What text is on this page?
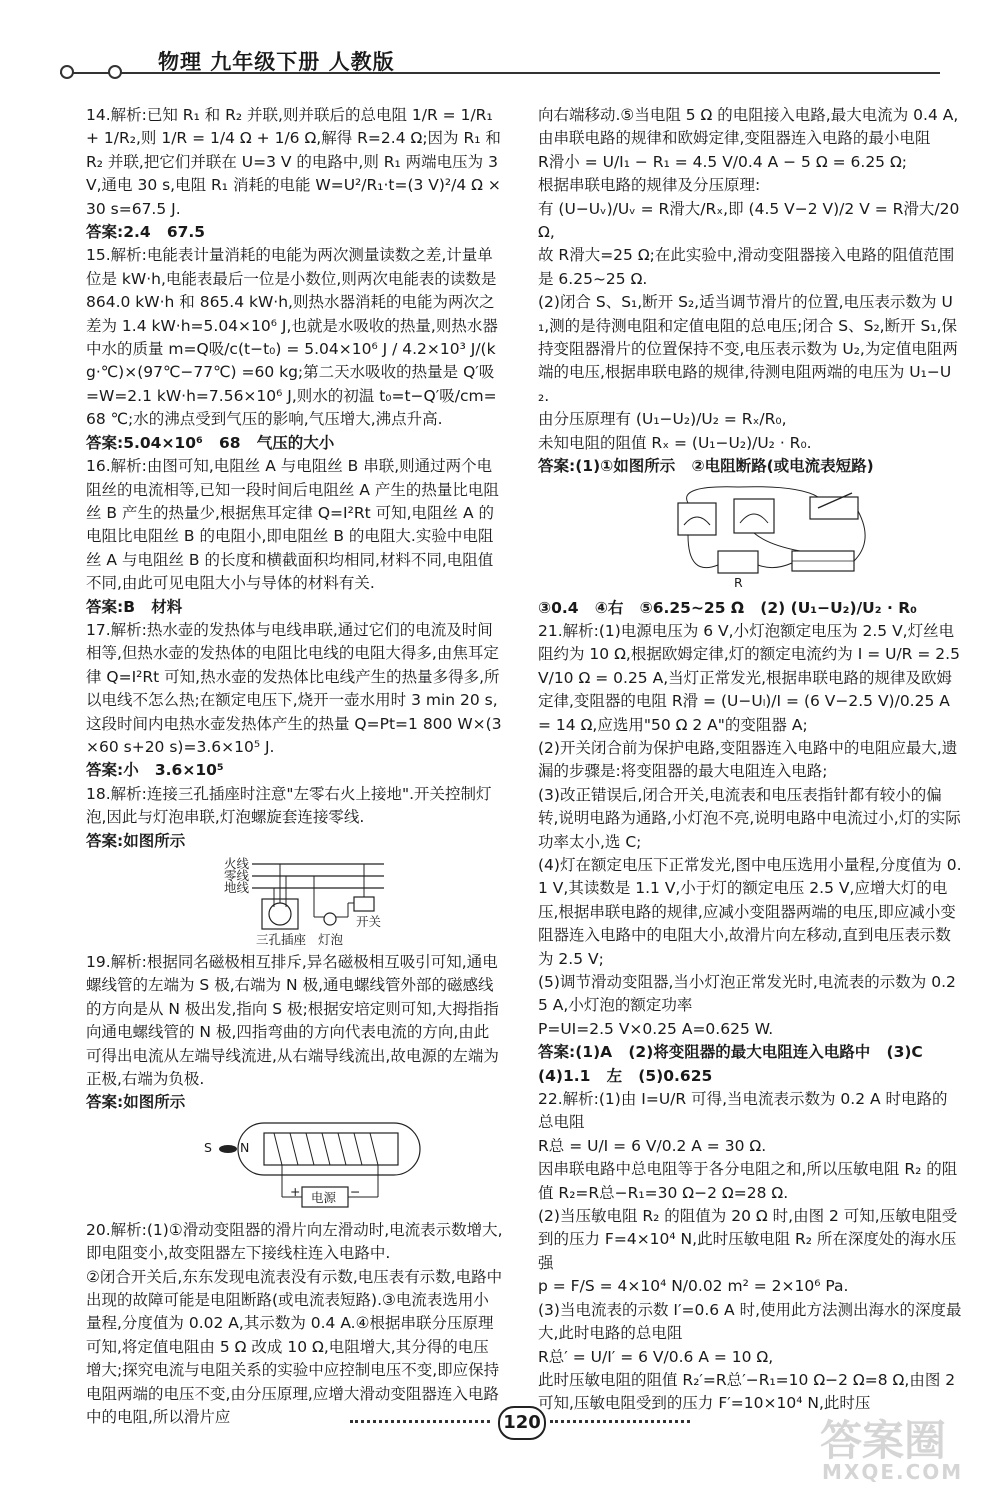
物理 九年级下册 人教版

14.解析:已知 R₁ 和 R₂ 并联,则并联后的总电阻 1/R = 1/R₁ + 1/R₂,则 1/R = 1/4 Ω + 1/6 Ω,解得 R=2.4 Ω;因为 R₁ 和 R₂ 并联,把它们并联在 U=3 V 的电路中,则 R₁ 两端电压为 3 V,通电 30 s,电阻 R₁ 消耗的电能 W=U²/R₁·t=(3 V)²/4 Ω × 30 s=67.5 J.

答案:2.4   67.5

15.解析:电能表计量消耗的电能为两次测量读数之差,计量单位是 kW·h,电能表最后一位是小数位,则两次电能表的读数是 864.0 kW·h 和 865.4 kW·h,则热水器消耗的电能为两次之差为 1.4 kW·h=5.04×10⁶ J,也就是水吸收的热量,则热水器中水的质量 m=Q吸/c(t−t₀) = 5.04×10⁶ J / 4.2×10³ J/(kg·℃)×(97℃−77℃) =60 kg;第二天水吸收的热量是 Q′吸=W=2.1 kW·h=7.56×10⁶ J,则水的初温 t₀=t−Q′吸/cm=68 ℃;水的沸点受到气压的影响,气压增大,沸点升高.

答案:5.04×10⁶   68   气压的大小

16.解析:由图可知,电阻丝 A 与电阻丝 B 串联,则通过两个电阻丝的电流相等,已知一段时间后电阻丝 A 产生的热量比电阻丝 B 产生的热量少,根据焦耳定律 Q=I²Rt 可知,电阻丝 A 的电阻比电阻丝 B 的电阻小,即电阻丝 B 的电阻大.实验中电阻丝 A 与电阻丝 B 的长度和横截面积均相同,材料不同,电阻值不同,由此可见电阻大小与导体的材料有关.

答案:B   材料

17.解析:热水壶的发热体与电线串联,通过它们的电流及时间相等,但热水壶的发热体的电阻比电线的电阻大得多,由焦耳定律 Q=I²Rt 可知,热水壶的发热体比电线产生的热量多得多,所以电线不怎么热;在额定电压下,烧开一壶水用时 3 min 20 s,这段时间内电热水壶发热体产生的热量 Q=Pt=1 800 W×(3×60 s+20 s)=3.6×10⁵ J.

答案:小   3.6×10⁵

18.解析:连接三孔插座时注意"左零右火上接地".开关控制灯泡,因此与灯泡串联,灯泡螺旋套连接零线.

答案:如图所示

火线
零线
地线
三孔插座 灯泡
开关

19.解析:根据同名磁极相互排斥,异名磁极相互吸引可知,通电螺线管的左端为 S 极,右端为 N 极,通电螺线管外部的磁感线的方向是从 N 极出发,指向 S 极;根据安培定则可知,大拇指指向通电螺线管的 N 极,四指弯曲的方向代表电流的方向,由此可得出电流从左端导线流进,从右端导线流出,故电源的左端为正极,右端为负极.

答案:如图所示

S N
+	−
电源

20.解析:(1)①滑动变阻器的滑片向左滑动时,电流表示数增大,即电阻变小,故变阻器左下接线柱连入电路中.

②闭合开关后,东东发现电流表没有示数,电压表有示数,电路中出现的故障可能是电阻断路(或电流表短路).③电流表选用小量程,分度值为 0.02 A,其示数为 0.4 A.④根据串联分压原理可知,将定值电阻由 5 Ω 改成 10 Ω,电阻增大,其分得的电压增大;探究电流与电阻关系的实验中应控制电压不变,即应保持电阻两端的电压不变,由分压原理,应增大滑动变阻器连入电路中的电阻,所以滑片应

向右端移动.⑤当电阻 5 Ω 的电阻接入电路,最大电流为 0.4 A,由串联电路的规律和欧姆定律,变阻器连入电路的最小电阻

R滑小 = U/I₁ − R₁ = 4.5 V/0.4 A − 5 Ω = 6.25 Ω;

根据串联电路的规律及分压原理:

有 (U−Uᵥ)/Uᵥ = R滑大/Rₓ,即 (4.5 V−2 V)/2 V = R滑大/20 Ω,

故 R滑大=25 Ω;在此实验中,滑动变阻器接入电路的阻值范围是 6.25~25 Ω.

(2)闭合 S、S₁,断开 S₂,适当调节滑片的位置,电压表示数为 U₁,测的是待测电阻和定值电阻的总电压;闭合 S、S₂,断开 S₁,保持变阻器滑片的位置保持不变,电压表示数为 U₂,为定值电阻两端的电压,根据串联电路的规律,待测电阻两端的电压为 U₁−U₂.

由分压原理有 (U₁−U₂)/U₂ = Rₓ/R₀,

未知电阻的阻值 Rₓ = (U₁−U₂)/U₂ · R₀.

答案:(1)①如图所示   ②电阻断路(或电流表短路)

R

③0.4   ④右   ⑤6.25~25 Ω   (2) (U₁−U₂)/U₂ · R₀

21.解析:(1)电源电压为 6 V,小灯泡额定电压为 2.5 V,灯丝电阻约为 10 Ω,根据欧姆定律,灯的额定电流约为 I = U/R = 2.5 V/10 Ω = 0.25 A,当灯正常发光,根据串联电路的规律及欧姆定律,变阻器的电阻 R滑 = (U−Uₗ)/I = (6 V−2.5 V)/0.25 A = 14 Ω,应选用"50 Ω 2 A"的变阻器 A;

(2)开关闭合前为保护电路,变阻器连入电路中的电阻应最大,遗漏的步骤是:将变阻器的最大电阻连入电路;

(3)改正错误后,闭合开关,电流表和电压表指针都有较小的偏转,说明电路为通路,小灯泡不亮,说明电路中电流过小,灯的实际功率太小,选 C;

(4)灯在额定电压下正常发光,图中电压选用小量程,分度值为 0.1 V,其读数是 1.1 V,小于灯的额定电压 2.5 V,应增大灯的电压,根据串联电路的规律,应减小变阻器两端的电压,即应减小变阻器连入电路中的电阻大小,故滑片向左移动,直到电压表示数为 2.5 V;

(5)调节滑动变阻器,当小灯泡正常发光时,电流表的示数为 0.25 A,小灯泡的额定功率

P=UI=2.5 V×0.25 A=0.625 W.

答案:(1)A   (2)将变阻器的最大电阻连入电路中   (3)C   (4)1.1   左   (5)0.625

22.解析:(1)由 I=U/R 可得,当电流表示数为 0.2 A 时电路的总电阻

R总 = U/I = 6 V/0.2 A = 30 Ω.

因串联电路中总电阻等于各分电阻之和,所以压敏电阻 R₂ 的阻值 R₂=R总−R₁=30 Ω−2 Ω=28 Ω.

(2)当压敏电阻 R₂ 的阻值为 20 Ω 时,由图 2 可知,压敏电阻受到的压力 F=4×10⁴ N,此时压敏电阻 R₂ 所在深度处的海水压强

p = F/S = 4×10⁴ N/0.02 m² = 2×10⁶ Pa.

(3)当电流表的示数 I′=0.6 A 时,使用此方法测出海水的深度最大,此时电路的总电阻

R总′ = U/I′ = 6 V/0.6 A = 10 Ω,

此时压敏电阻的阻值 R₂′=R总′−R₁=10 Ω−2 Ω=8 Ω,由图 2 可知,压敏电阻受到的压力 F′=10×10⁴ N,此时压

120	答案圈
MXQE.COM
